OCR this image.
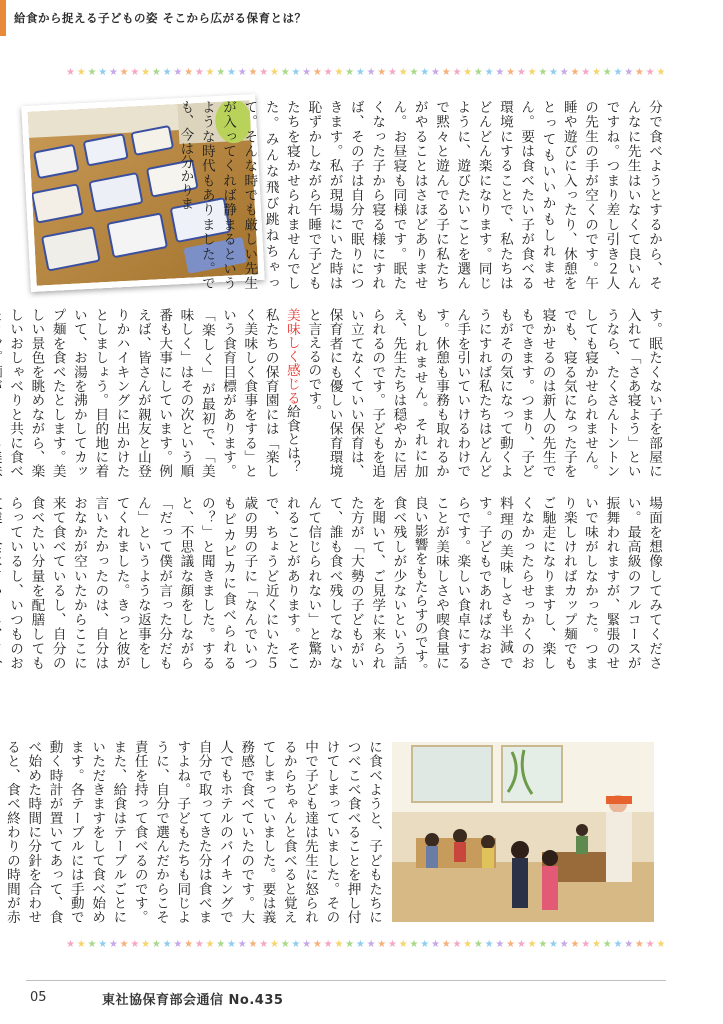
給食から捉える子どもの姿 そこから広がる保育とは？
★ ★ ★ ★ ★ ★ ★ ★ ★ ★ ★ ★ ★ ★ ★ ★ ★ ★ ★ ★ ★ ★ ★ ★ ★ ★ ★ ★ ★ ★ ★ ★ ★ ★ ★ ★ ★ ★ ★ ★ ★ ★ ★ ★ ★ ★ ★ ★ ★ ★ ★ ★ ★ ★ ★ ★
分で食べようとするから、そんなに先生はいなくて良いんですね。つまり差し引き２人の先生の手が空くのです。午睡や遊びに入ったり、休憩をとってもいいかもしれません。要は食べたい子が食べる環境にすることで、私たちはどんどん楽になります。同じように、遊びたいことを選んで黙々と遊んでる子に私たちがやることはさほどありません。お昼寝も同様です。眠たくなった子から寝る様にすれば、その子は自分で眠りにつきます。私が現場にいた時は恥ずかしながら午睡で子どもたちを寝かせられませんでした。みんな飛び跳ねちゃって。そんな時でも厳しい先生が入ってくれば静まるというような時代もありました。でも、今は分かりま
す。眠たくない子を部屋に入れて「さあ寝よう」というなら、たくさんトントンしても寝かせられません。でも、寝る気になった子を寝かせるのは新人の先生でもできます。つまり、子どもがその気になって動くようにすれば私たちはどんどん手を引いていけるわけです。休憩も事務も取れるかもしれません。それに加え、先生たちは穏やかに居られるのです。子どもを追い立てなくていい保育は、保育者にも優しい保育環境と言えるのです。
美味しく感じる給食とは？
私たちの保育園には「楽しく美味しく食事をする」という食育目標があります。「楽しく」が最初で、「美味しく」はその次という順番も大事にしています。例えば、皆さんが親友と山登りかハイキングに出かけたとしましょう。目的地に着いて、お湯を沸かしてカップ麺を食べたとします。美しい景色を眺めながら、楽しいおしゃべりと共に食べ
場面を想像してみてください。最高級のフルコースが振舞われますが、緊張のせいで味がしなかった。つまり楽しければカップ麺でもご馳走になりますし、楽しくなかったらせっかくのお料理の美味しさも半減です。子どもであればなおさらです。楽しい食卓にすることが美味しさや喫食量に良い影響をもたらすのです。　食べ残しが少ないという話を聞いて、ご見学に来られた方が「大勢の子どもがいて、誰も食べ残してないなんて信じられない」と驚かれることがあります。そこで、ちょうど近くにいた５歳の男の子に「なんでいつもピカピカに食べられるの？」と聞きました。すると、不思議な顔をしながら「だって僕が言った分だもん」というような返事をしてくれました。きっと彼が言いたかったのは、自分はおなかが空いたからここに来て食べているし、自分の食べたい分量を配膳してもらっているし、いつものお
に食べようと、子どもたちにつべこべ食べることを押し付けてしまっていました。その中で子ども達は先生に怒られるからちゃんと食べると覚えてしまっていました。要は義務感で食べていたのです。大人でもホテルのバイキングで自分で取ってきた分は食べますよね。子どもたちも同じように、自分で選んだからこそ責任を持って食べるのです。また、給食はテーブルごとにいただきますをして食べ始めます。各テーブルには手動で動く時計が置いてあって、食べ始めた時間に分針を合わせると、食べ終わりの時間が赤
★ ★ ★ ★ ★ ★ ★ ★ ★ ★ ★ ★ ★ ★ ★ ★ ★ ★ ★ ★ ★ ★ ★ ★ ★ ★ ★ ★ ★ ★ ★ ★ ★ ★ ★ ★ ★ ★ ★ ★ ★ ★ ★ ★ ★ ★ ★ ★ ★ ★ ★ ★ ★ ★ ★ ★
05	東社協保育部会通信 No.435
